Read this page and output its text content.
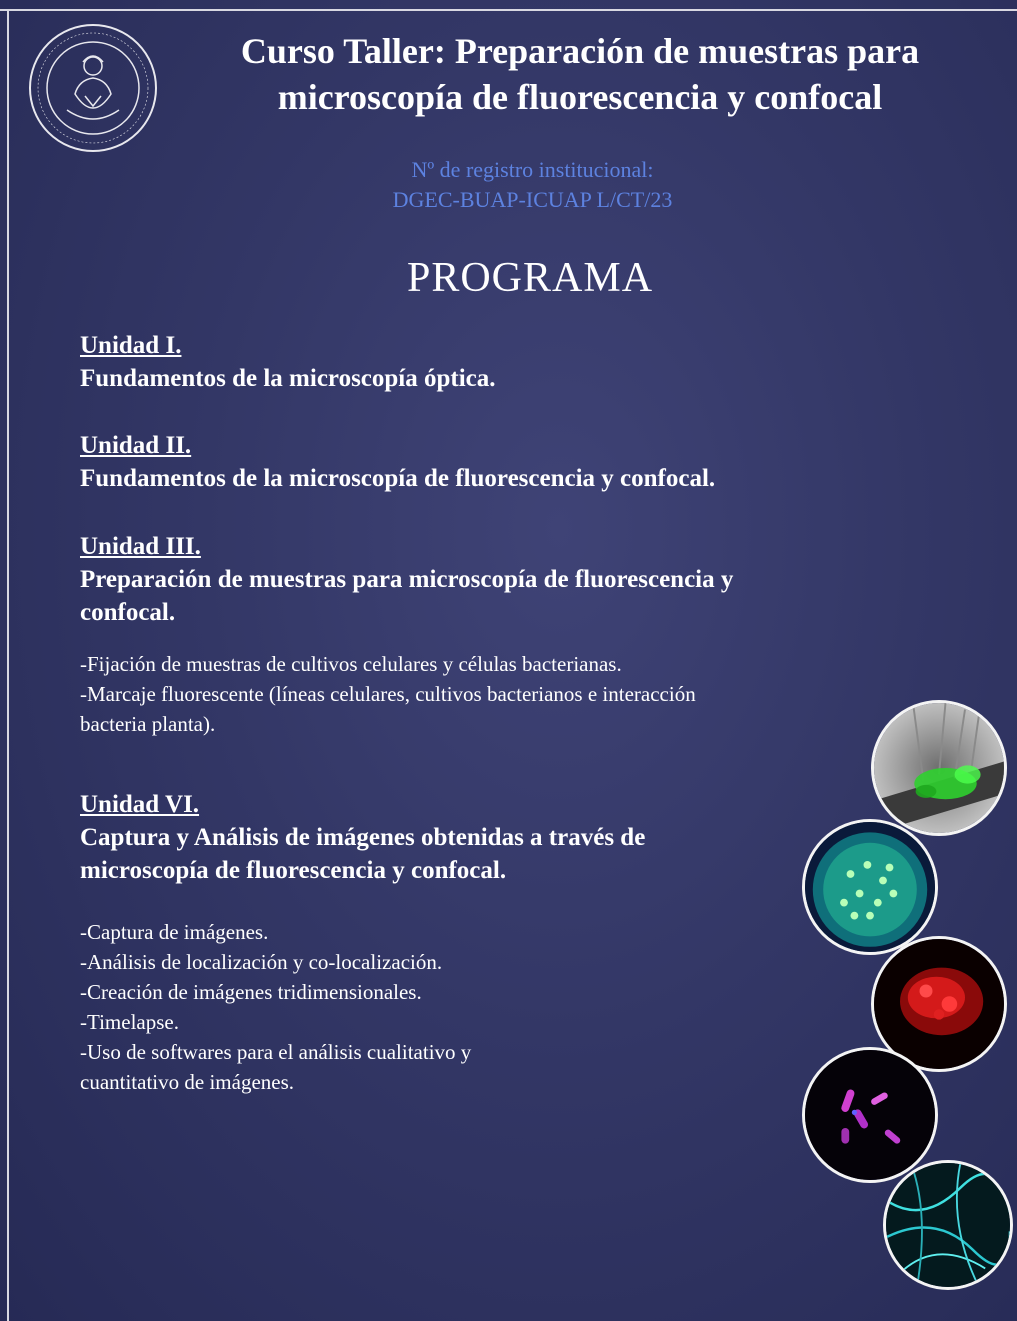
Curso Taller: Preparación de muestras para
microscopía de fluorescencia y confocal
Nº de registro institucional:
DGEC-BUAP-ICUAP L/CT/23
PROGRAMA
Unidad I.
Fundamentos de la microscopía óptica.
Unidad II.
Fundamentos de la microscopía de fluorescencia y confocal.
Unidad III.
Preparación de muestras para microscopía de fluorescencia y
confocal.
-Fijación de muestras de cultivos celulares y células bacterianas.
-Marcaje fluorescente (líneas celulares, cultivos bacterianos e interacción
bacteria planta).
Unidad VI.
Captura y Análisis de imágenes obtenidas a través de
microscopía de fluorescencia y confocal.
-Captura de imágenes.
-Análisis de localización y co-localización.
-Creación de imágenes tridimensionales.
-Timelapse.
-Uso de softwares para el análisis cualitativo y
cuantitativo de imágenes.
